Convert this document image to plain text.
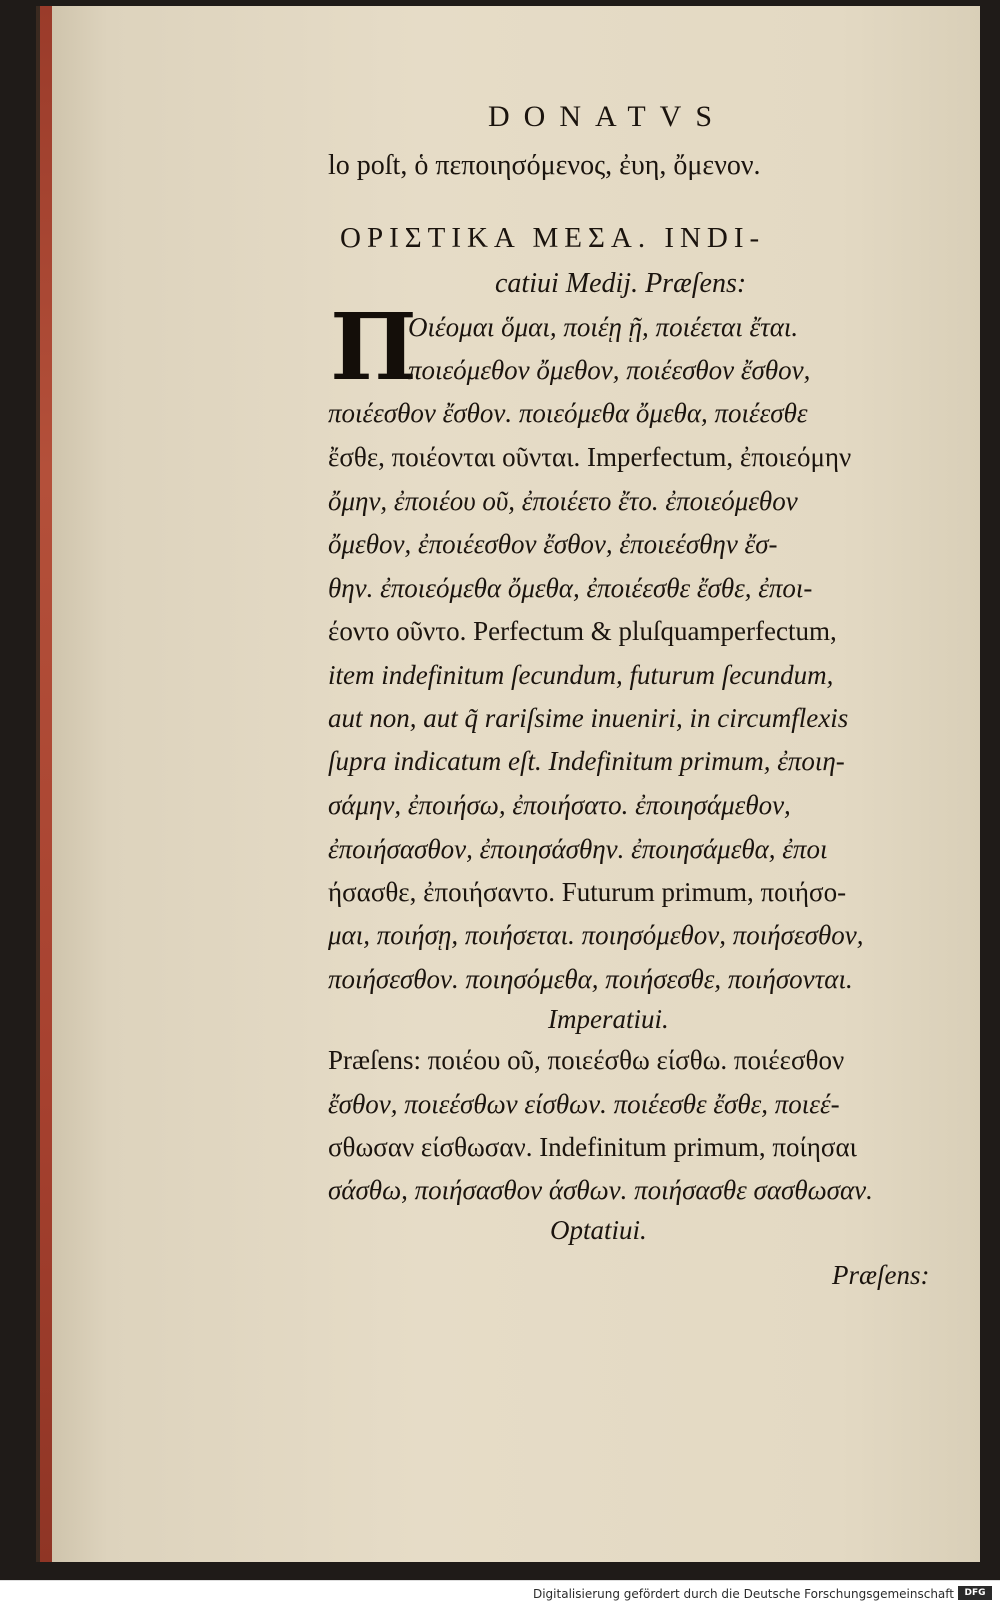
DONATVS
lo poſt, ὁ πεποιησόμενος, ἐυη, ὄμενον.
ΟΡΙΣΤΙΚΑ ΜΕΣΑ. INDI-
catiui Medij. Præſens:
Π
Οιέομαι ὅμαι, ποιέῃ ῇ, ποιέεται ἔται.
ποιεόμεθον ὄμεθον, ποιέεσθον ἔσθον,
ποιέεσθον ἔσθον. ποιεόμεθα ὄμεθα, ποιέεσθε
ἔσθε, ποιέονται οῦνται. Imperfectum, ἐποιεόμην
ὄμην, ἐποιέου οῦ, ἐποιέετο ἔτο. ἐποιεόμεθον
ὄμεθον, ἐποιέεσθον ἔσθον, ἐποιεέσθην ἔσ-
θην. ἐποιεόμεθα ὄμεθα, ἐποιέεσθε ἔσθε, ἐποι-
έοντο οῦντο. Perfectum & pluſquamperfectum,
item indefinitum ſecundum, futurum ſecundum,
aut non, aut q̃ rariſsime inueniri, in circumflexis
ſupra indicatum eſt. Indefinitum primum, ἐποιη-
σάμην, ἐποιήσω, ἐποιήσατο. ἐποιησάμεθον,
ἐποιήσασθον, ἐποιησάσθην. ἐποιησάμεθα, ἐποι
ήσασθε, ἐποιήσαντο. Futurum primum, ποιήσο-
μαι, ποιήσῃ, ποιήσεται. ποιησόμεθον, ποιήσεσθον,
ποιήσεσθον. ποιησόμεθα, ποιήσεσθε, ποιήσονται.
Imperatiui.
Præſens: ποιέου οῦ, ποιεέσθω είσθω. ποιέεσθον
ἔσθον, ποιεέσθων είσθων. ποιέεσθε ἔσθε, ποιεέ-
σθωσαν είσθωσαν. Indefinitum primum, ποίησαι
σάσθω, ποιήσασθον άσθων. ποιήσασθε σασθωσαν.
Optatiui.
Præſens:
Digitalisierung gefördert durch die Deutsche Forschungsgemeinschaft	DFG
